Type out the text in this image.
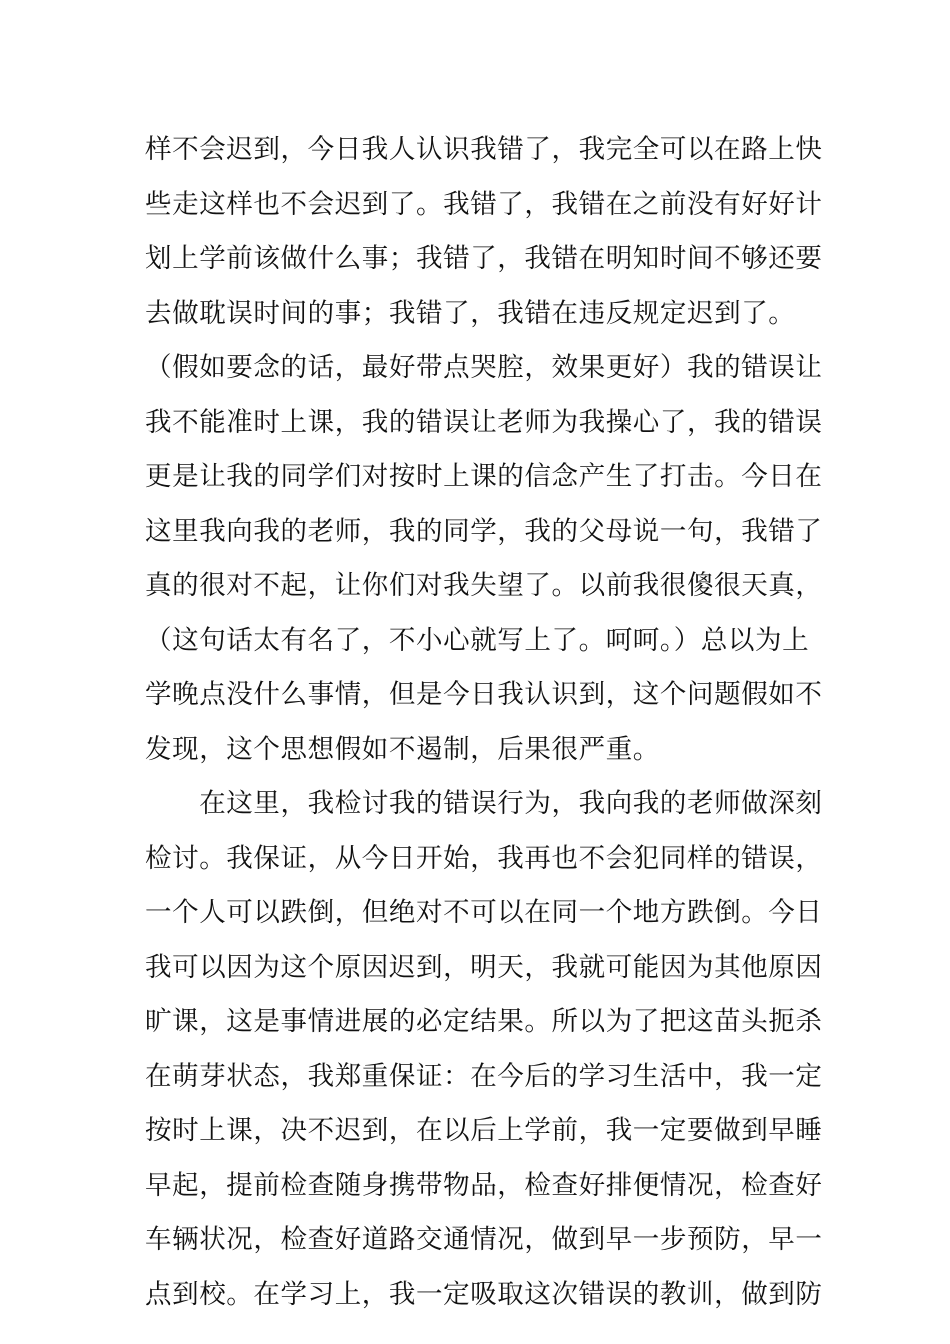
样不会迟到，今日我人认识我错了，我完全可以在路上快
些走这样也不会迟到了。我错了，我错在之前没有好好计
划上学前该做什么事；我错了，我错在明知时间不够还要
去做耽误时间的事；我错了，我错在违反规定迟到了。
（假如要念的话，最好带点哭腔，效果更好）我的错误让
我不能准时上课，我的错误让老师为我操心了，我的错误
更是让我的同学们对按时上课的信念产生了打击。今日在
这里我向我的老师，我的同学，我的父母说一句，我错了
真的很对不起，让你们对我失望了。以前我很傻很天真，
（这句话太有名了，不小心就写上了。呵呵。）总以为上
学晚点没什么事情，但是今日我认识到，这个问题假如不
发现，这个思想假如不遏制，后果很严重。
　　在这里，我检讨我的错误行为，我向我的老师做深刻
检讨。我保证，从今日开始，我再也不会犯同样的错误，
一个人可以跌倒，但绝对不可以在同一个地方跌倒。今日
我可以因为这个原因迟到，明天，我就可能因为其他原因
旷课，这是事情进展的必定结果。所以为了把这苗头扼杀
在萌芽状态，我郑重保证：在今后的学习生活中，我一定
按时上课，决不迟到，在以后上学前，我一定要做到早睡
早起，提前检查随身携带物品，检查好排便情况，检查好
车辆状况，检查好道路交通情况，做到早一步预防，早一
点到校。在学习上，我一定吸取这次错误的教训，做到防
